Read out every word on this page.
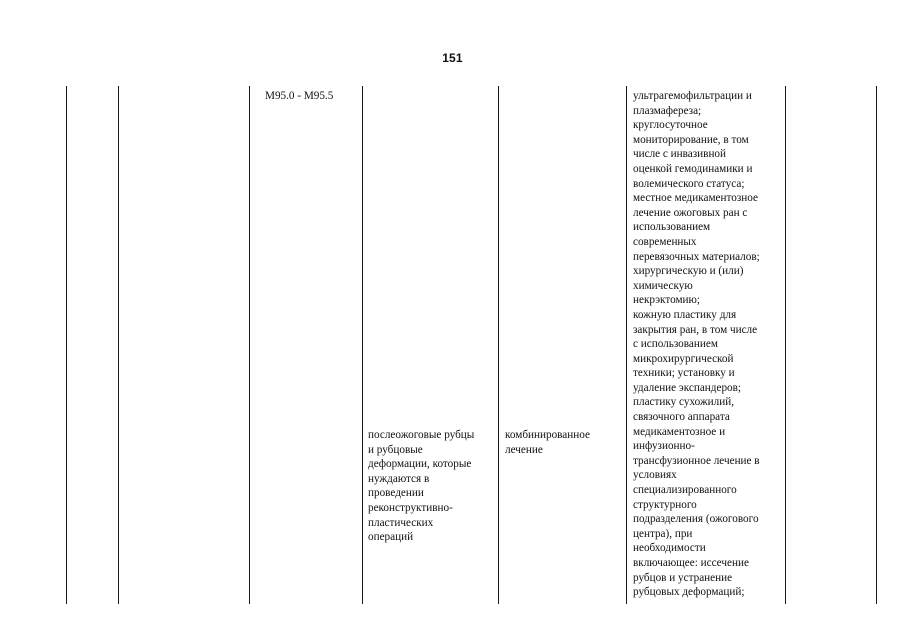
151
M95.0 - M95.5
послеожоговые рубцы
и рубцовые
деформации, которые
нуждаются в
проведении
реконструктивно-
пластических
операций
комбинированное
лечение
ультрагемофильтрации и
плазмафереза;
круглосуточное
мониторирование, в том
числе с инвазивной
оценкой гемодинамики и
волемического статуса;
местное медикаментозное
лечение ожоговых ран с
использованием
современных
перевязочных материалов;
хирургическую и (или)
химическую
некрэктомию;
кожную пластику для
закрытия ран, в том числе
с использованием
микрохирургической
техники; установку и
удаление экспандеров;
пластику сухожилий,
связочного аппарата
медикаментозное и
инфузионно-
трансфузионное лечение в
условиях
специализированного
структурного
подразделения (ожогового
центра), при
необходимости
включающее: иссечение
рубцов и устранение
рубцовых деформаций;
